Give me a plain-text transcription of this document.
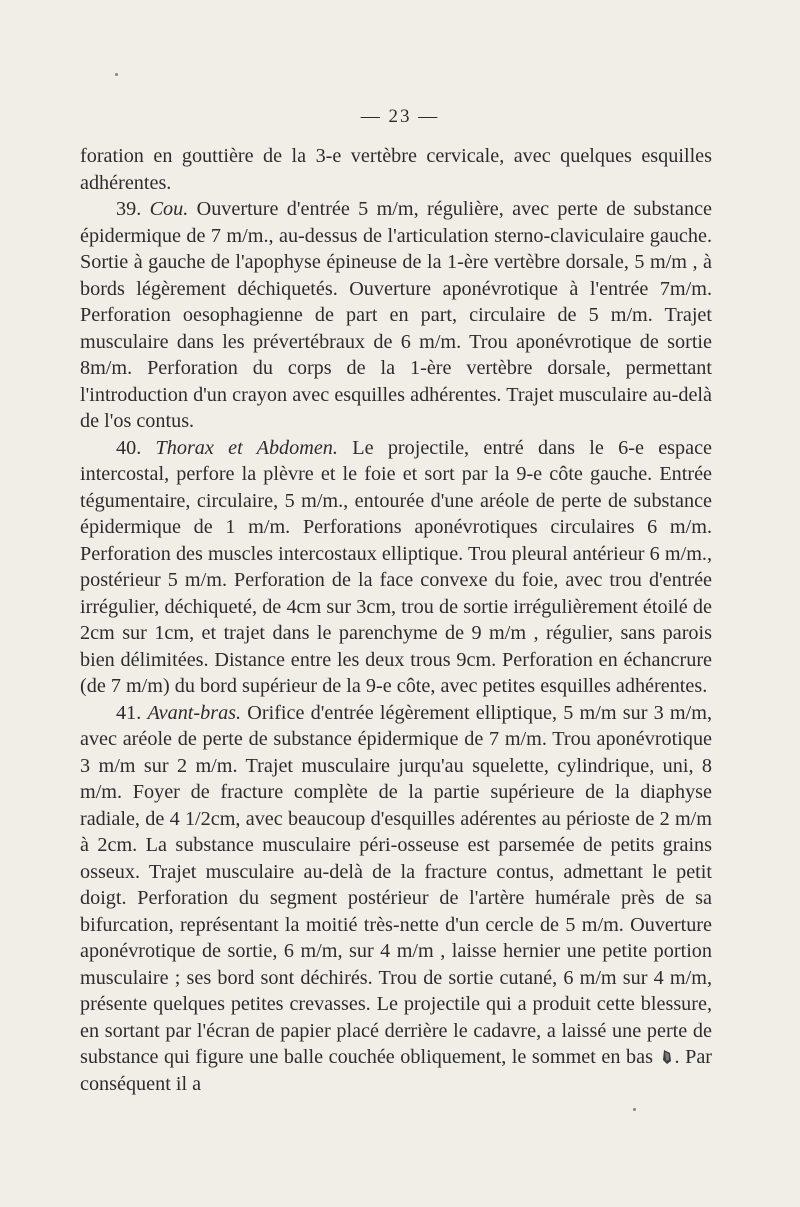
— 23 —

foration en gouttière de la 3-e vertèbre cervicale, avec quelques esquilles adhérentes.

39. Cou. Ouverture d'entrée 5 m/m, régulière, avec perte de substance épidermique de 7 m/m., au-dessus de l'articulation sterno-claviculaire gauche. Sortie à gauche de l'apophyse épineuse de la 1-ère vertèbre dorsale, 5 m/m , à bords légèrement déchiquetés. Ouverture aponévrotique à l'entrée 7m/m. Perforation oesophagienne de part en part, circulaire de 5 m/m. Trajet musculaire dans les prévertébraux de 6 m/m. Trou aponévrotique de sortie 8m/m. Perforation du corps de la 1-ère vertèbre dorsale, permettant l'introduction d'un crayon avec esquilles adhérentes. Trajet musculaire au-delà de l'os contus.

40. Thorax et Abdomen. Le projectile, entré dans le 6-e espace intercostal, perfore la plèvre et le foie et sort par la 9-e côte gauche. Entrée tégumentaire, circulaire, 5 m/m., entourée d'une aréole de perte de substance épidermique de 1 m/m. Perforations aponévrotiques circulaires 6 m/m. Perforation des muscles intercostaux elliptique. Trou pleural antérieur 6 m/m., postérieur 5 m/m. Perforation de la face convexe du foie, avec trou d'entrée irrégulier, déchiqueté, de 4cm sur 3cm, trou de sortie irrégulièrement étoilé de 2cm sur 1cm, et trajet dans le parenchyme de 9 m/m , régulier, sans parois bien délimitées. Distance entre les deux trous 9cm. Perforation en échancrure (de 7 m/m) du bord supérieur de la 9-e côte, avec petites esquilles adhérentes.

41. Avant-bras. Orifice d'entrée légèrement elliptique, 5 m/m sur 3 m/m, avec aréole de perte de substance épidermique de 7 m/m. Trou aponévrotique 3 m/m sur 2 m/m. Trajet musculaire jurqu'au squelette, cylindrique, uni, 8 m/m. Foyer de fracture complète de la partie supérieure de la diaphyse radiale, de 4 1/2cm, avec beaucoup d'esquilles adérentes au périoste de 2 m/m à 2cm. La substance musculaire péri-osseuse est parsemée de petits grains osseux. Trajet musculaire au-delà de la fracture contus, admettant le petit doigt. Perforation du segment postérieur de l'artère humérale près de sa bifurcation, représentant la moitié très-nette d'un cercle de 5 m/m. Ouverture aponévrotique de sortie, 6 m/m, sur 4 m/m , laisse hernier une petite portion musculaire ; ses bord sont déchirés. Trou de sortie cutané, 6 m/m sur 4 m/m, présente quelques petites crevasses. Le projectile qui a produit cette blessure, en sortant par l'écran de papier placé derrière le cadavre, a laissé une perte de substance qui figure une balle couchée obliquement, le sommet en bas . Par conséquent il a
